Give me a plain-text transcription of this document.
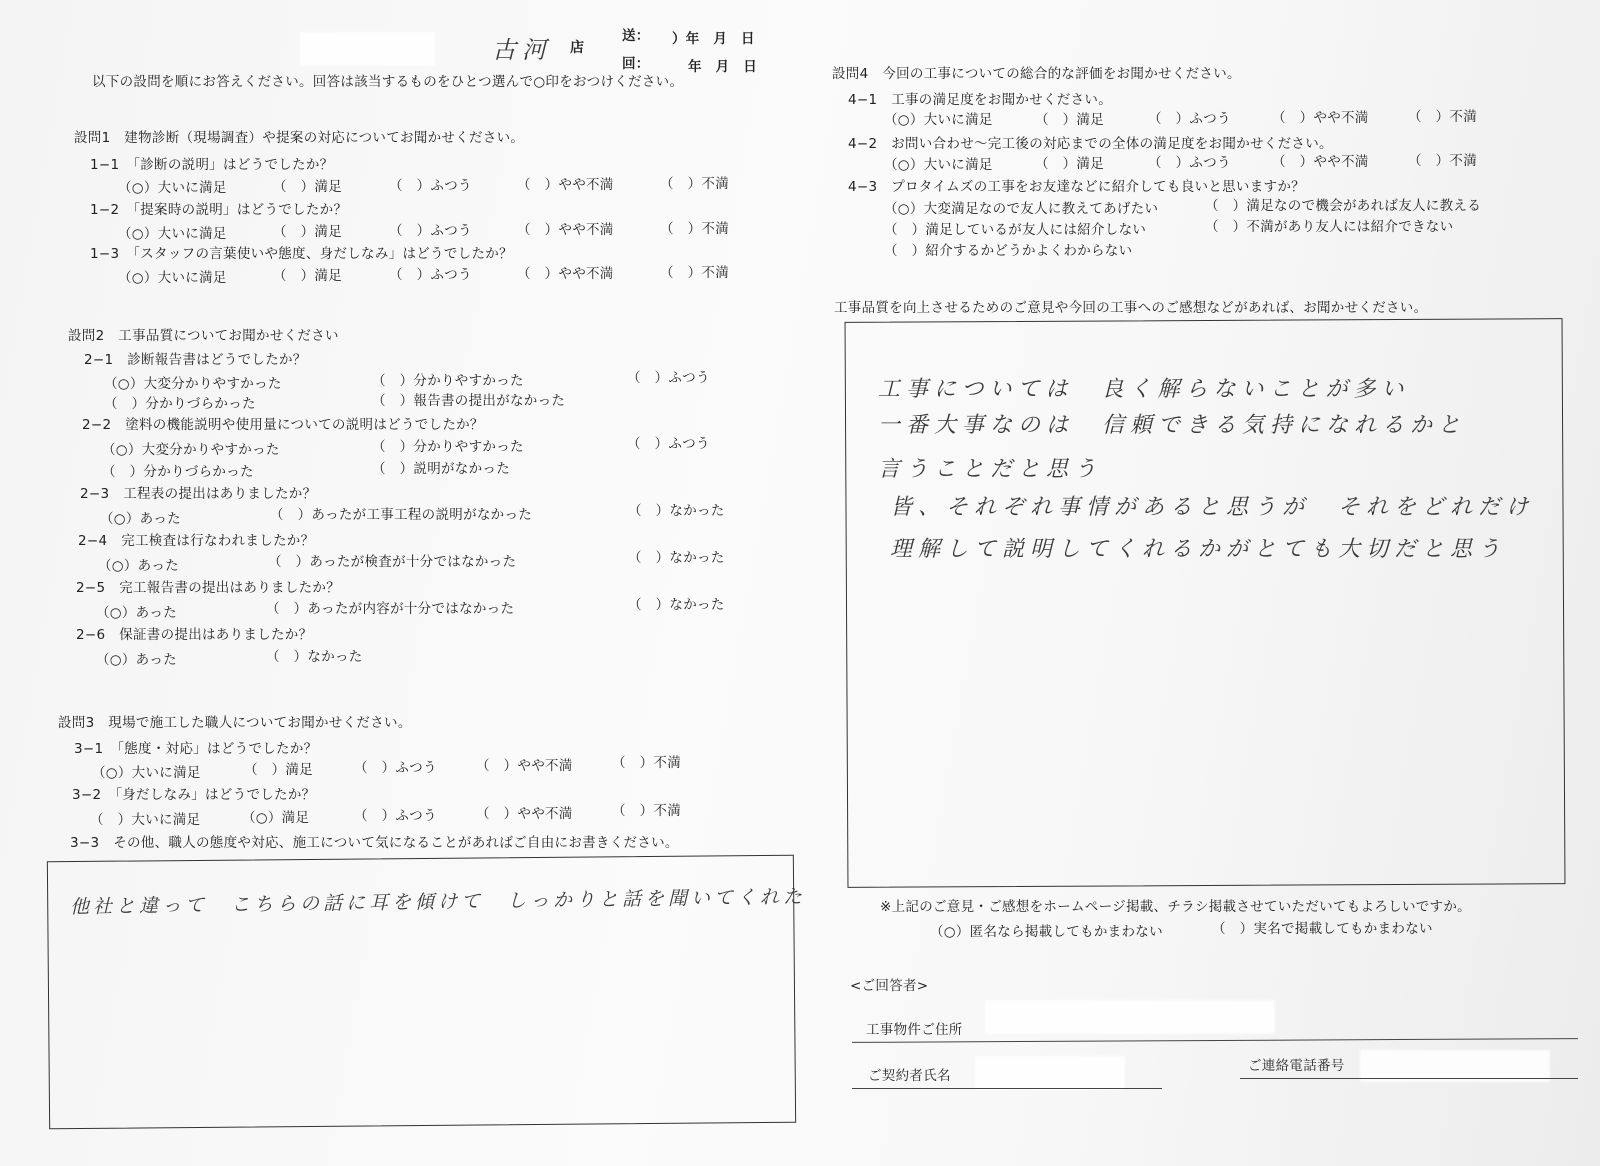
古河 店
送： ）年　月　日
回：	年　月　日
以下の設問を順にお答えください。回答は該当するものをひとつ選んで○印をおつけください。
設問1　建物診断（現場調査）や提案の対応についてお聞かせください。
1−1　「診断の説明」はどうでしたか？
（○）大いに満足	（　）満足	（　）ふつう	（　）やや不満	（　）不満
1−2　「提案時の説明」はどうでしたか？
（○）大いに満足	（　）満足	（　）ふつう	（　）やや不満	（　）不満
1−3　「スタッフの言葉使いや態度、身だしなみ」はどうでしたか？
（○）大いに満足	（　）満足	（　）ふつう	（　）やや不満	（　）不満
設問2　工事品質についてお聞かせください
2−1　診断報告書はどうでしたか？
（○）大変分かりやすかった	（　）分かりやすかった	（　）ふつう
（　）分かりづらかった	（　）報告書の提出がなかった
2−2　塗料の機能説明や使用量についての説明はどうでしたか？
（○）大変分かりやすかった	（　）分かりやすかった	（　）ふつう
（　）分かりづらかった	（　）説明がなかった
2−3　工程表の提出はありましたか？
（○）あった	（　）あったが工事工程の説明がなかった	（　）なかった
2−4　完工検査は行なわれましたか？
（○）あった	（　）あったが検査が十分ではなかった	（　）なかった
2−5　完工報告書の提出はありましたか？
（○）あった	（　）あったが内容が十分ではなかった	（　）なかった
2−6　保証書の提出はありましたか？
（○）あった	（　）なかった
設問3　現場で施工した職人についてお聞かせください。
3−1　「態度・対応」はどうでしたか？
（○）大いに満足	（　）満足	（　）ふつう	（　）やや不満	（　）不満
3−2　「身だしなみ」はどうでしたか？
（　）大いに満足	（○）満足	（　）ふつう	（　）やや不満	（　）不満
3−3　その他、職人の態度や対応、施工について気になることがあればご自由にお書きください。
他社と違って　こちらの話に耳を傾けて　しっかりと話を聞いてくれた
設問4　今回の工事についての総合的な評価をお聞かせください。
4−1　工事の満足度をお聞かせください。
（○）大いに満足	（　）満足	（　）ふつう	（　）やや不満	（　）不満
4−2　お問い合わせ〜完工後の対応までの全体の満足度をお聞かせください。
（○）大いに満足	（　）満足	（　）ふつう	（　）やや不満	（　）不満
4−3　プロタイムズの工事をお友達などに紹介しても良いと思いますか？
（○）大変満足なので友人に教えてあげたい	（　）満足なので機会があれば友人に教える
（　）満足しているが友人には紹介しない	（　）不満があり友人には紹介できない
（　）紹介するかどうかよくわからない
工事品質を向上させるためのご意見や今回の工事へのご感想などがあれば、お聞かせください。
工事については　良く解らないことが多い
一番大事なのは　信頼できる気持になれるかと
言うことだと思う
皆、それぞれ事情があると思うが　それをどれだけ
理解して説明してくれるかがとても大切だと思う
※上記のご意見・ご感想をホームページ掲載、チラシ掲載させていただいてもよろしいですか。
（○）匿名なら掲載してもかまわない	（　）実名で掲載してもかまわない
<ご回答者>
工事物件ご住所
ご契約者氏名
ご連絡電話番号
